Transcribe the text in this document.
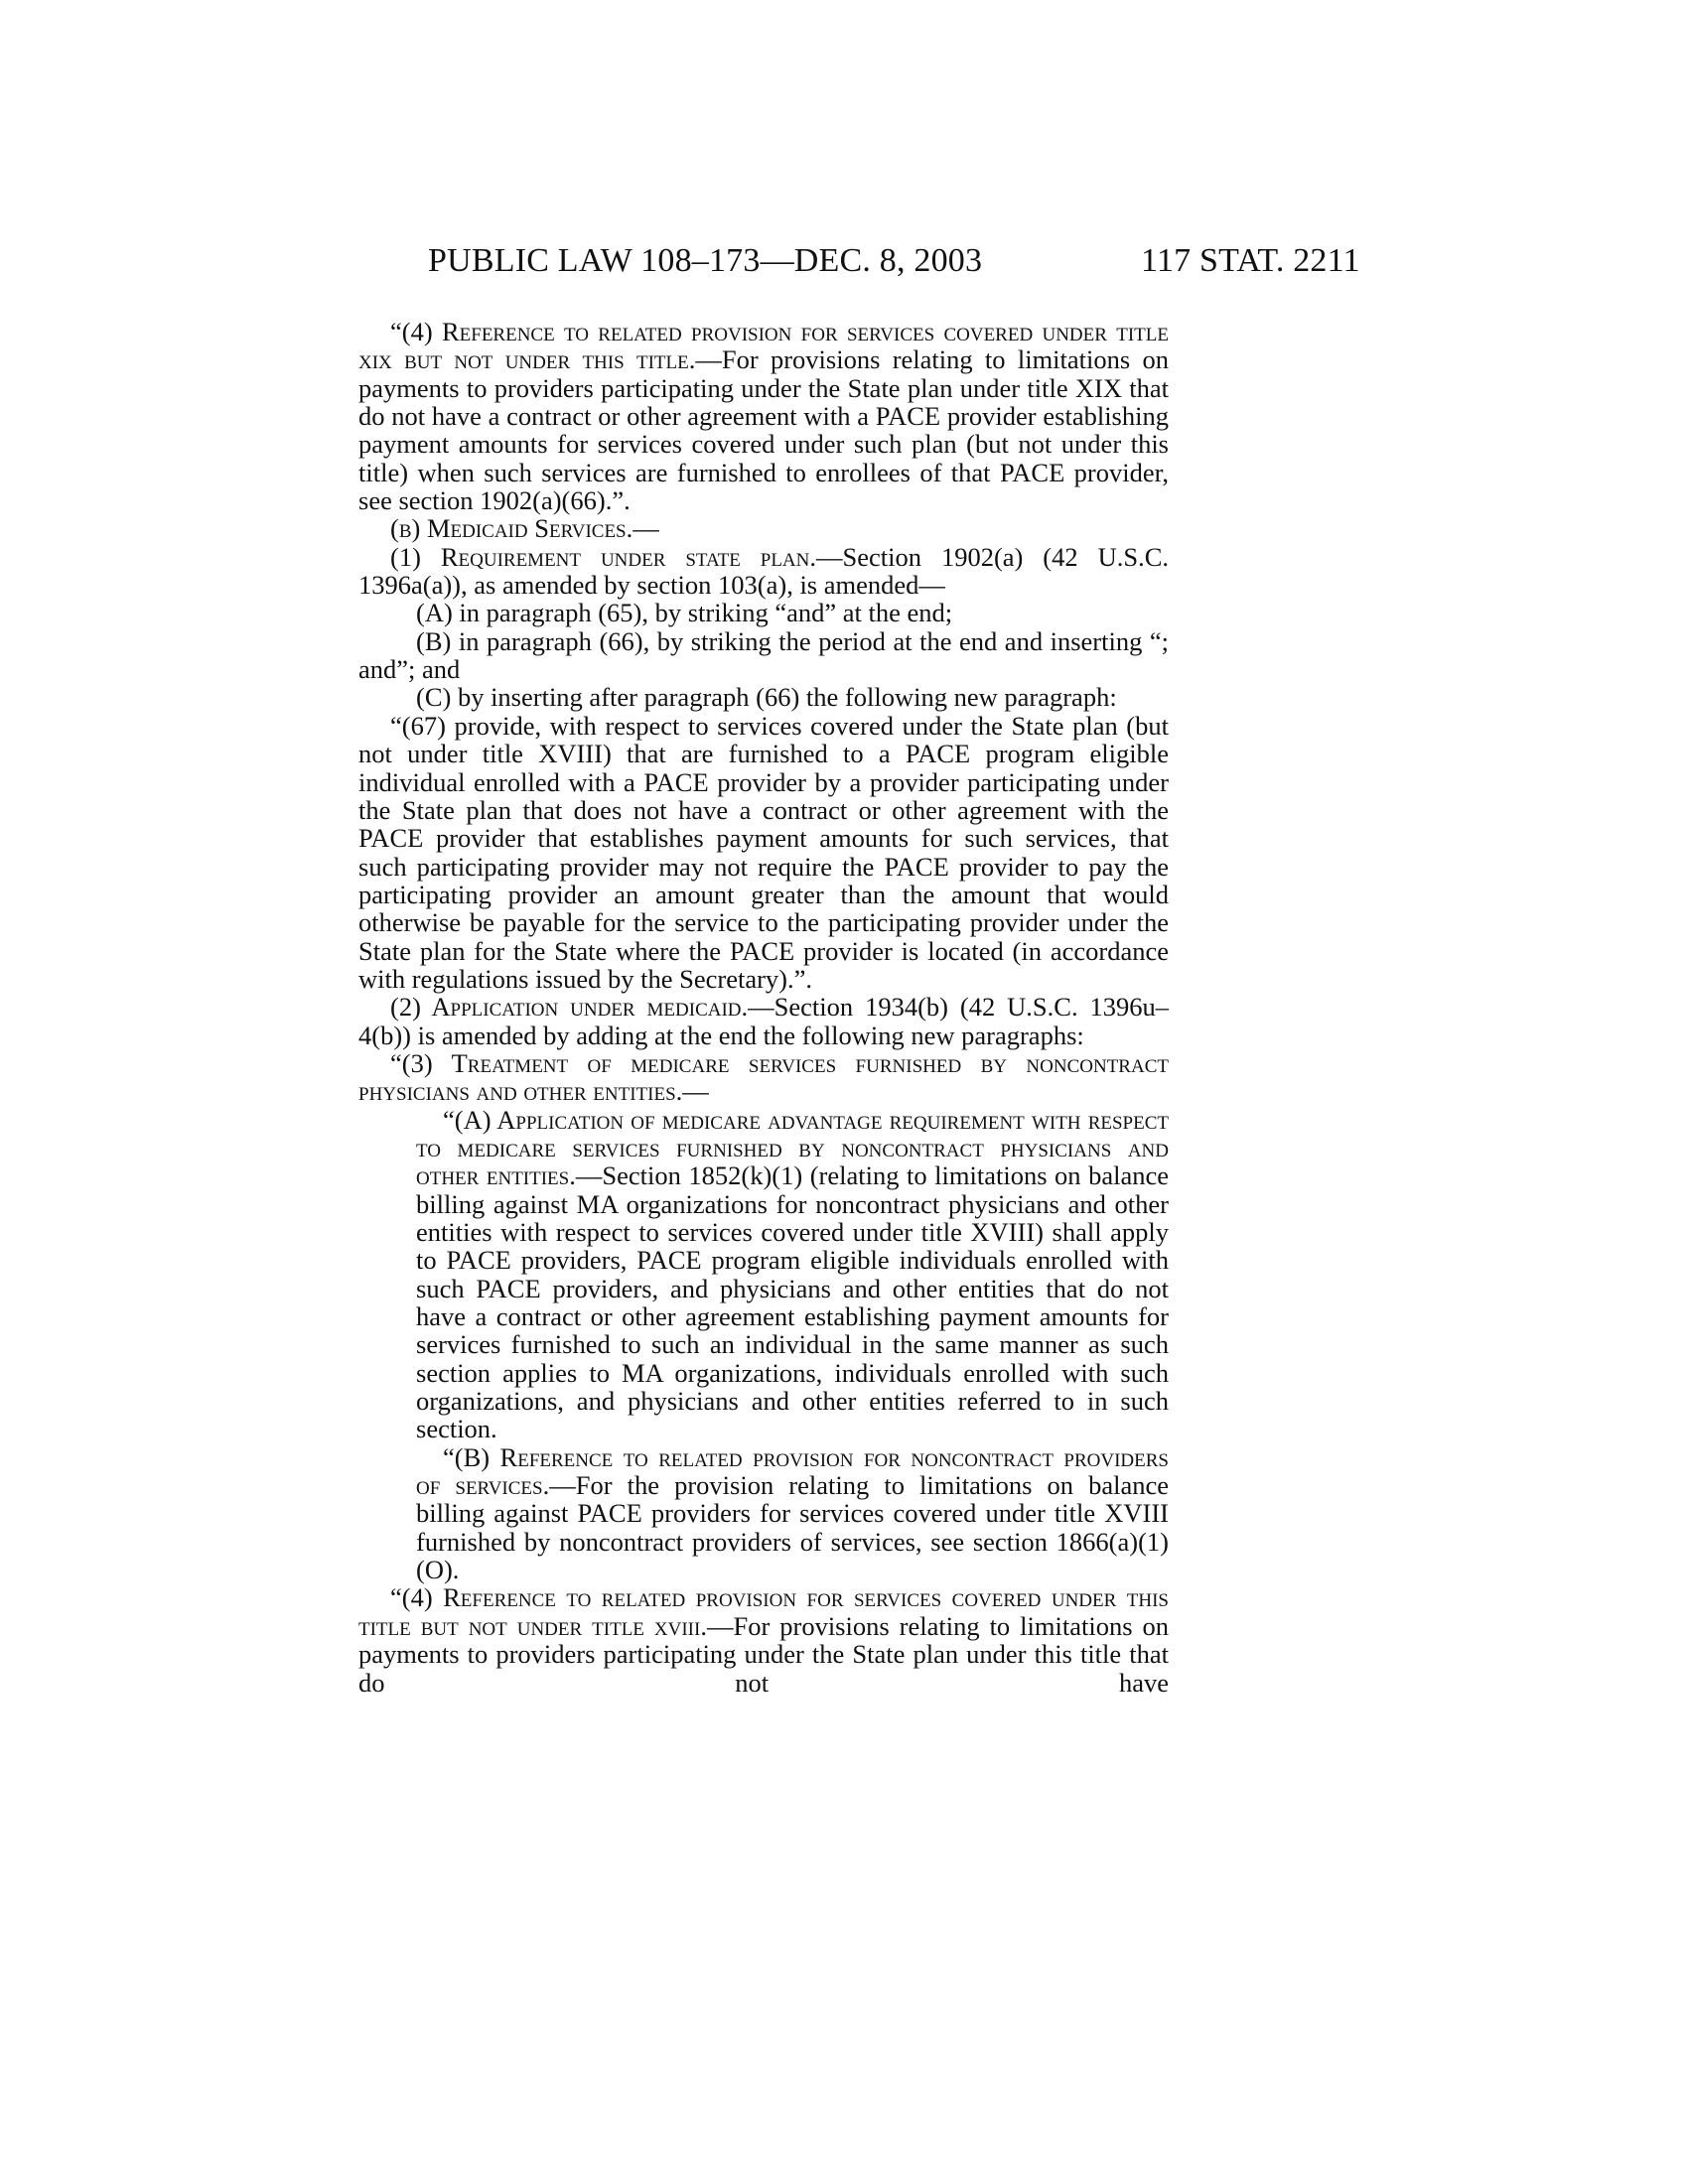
PUBLIC LAW 108–173—DEC. 8, 2003	117 STAT. 2211

“(4) Reference to related provision for services covered under title xix but not under this title.—For provisions relating to limitations on payments to providers participating under the State plan under title XIX that do not have a contract or other agreement with a PACE provider establishing payment amounts for services covered under such plan (but not under this title) when such services are furnished to enrollees of that PACE provider, see section 1902(a)(66).”.

(b) Medicaid Services.—

(1) Requirement under state plan.—Section 1902(a) (42 U.S.C. 1396a(a)), as amended by section 103(a), is amended—

(A) in paragraph (65), by striking “and” at the end;

(B) in paragraph (66), by striking the period at the end and inserting “; and”; and

(C) by inserting after paragraph (66) the following new paragraph:

“(67) provide, with respect to services covered under the State plan (but not under title XVIII) that are furnished to a PACE program eligible individual enrolled with a PACE provider by a provider participating under the State plan that does not have a contract or other agreement with the PACE provider that establishes payment amounts for such services, that such participating provider may not require the PACE provider to pay the participating provider an amount greater than the amount that would otherwise be payable for the service to the participating provider under the State plan for the State where the PACE provider is located (in accordance with regulations issued by the Secretary).”.

(2) Application under medicaid.—Section 1934(b) (42 U.S.C. 1396u–4(b)) is amended by adding at the end the following new paragraphs:

“(3) Treatment of medicare services furnished by noncontract physicians and other entities.—

“(A) Application of medicare advantage requirement with respect to medicare services furnished by noncontract physicians and other entities.—Section 1852(k)(1) (relating to limitations on balance billing against MA organizations for noncontract physicians and other entities with respect to services covered under title XVIII) shall apply to PACE providers, PACE program eligible individuals enrolled with such PACE providers, and physicians and other entities that do not have a contract or other agreement establishing payment amounts for services furnished to such an individual in the same manner as such section applies to MA organizations, individuals enrolled with such organizations, and physicians and other entities referred to in such section.

“(B) Reference to related provision for noncontract providers of services.—For the provision relating to limitations on balance billing against PACE providers for services covered under title XVIII furnished by noncontract providers of services, see section 1866(a)(1)(O).

“(4) Reference to related provision for services covered under this title but not under title xviii.—For provisions relating to limitations on payments to providers participating under the State plan under this title that do not have
